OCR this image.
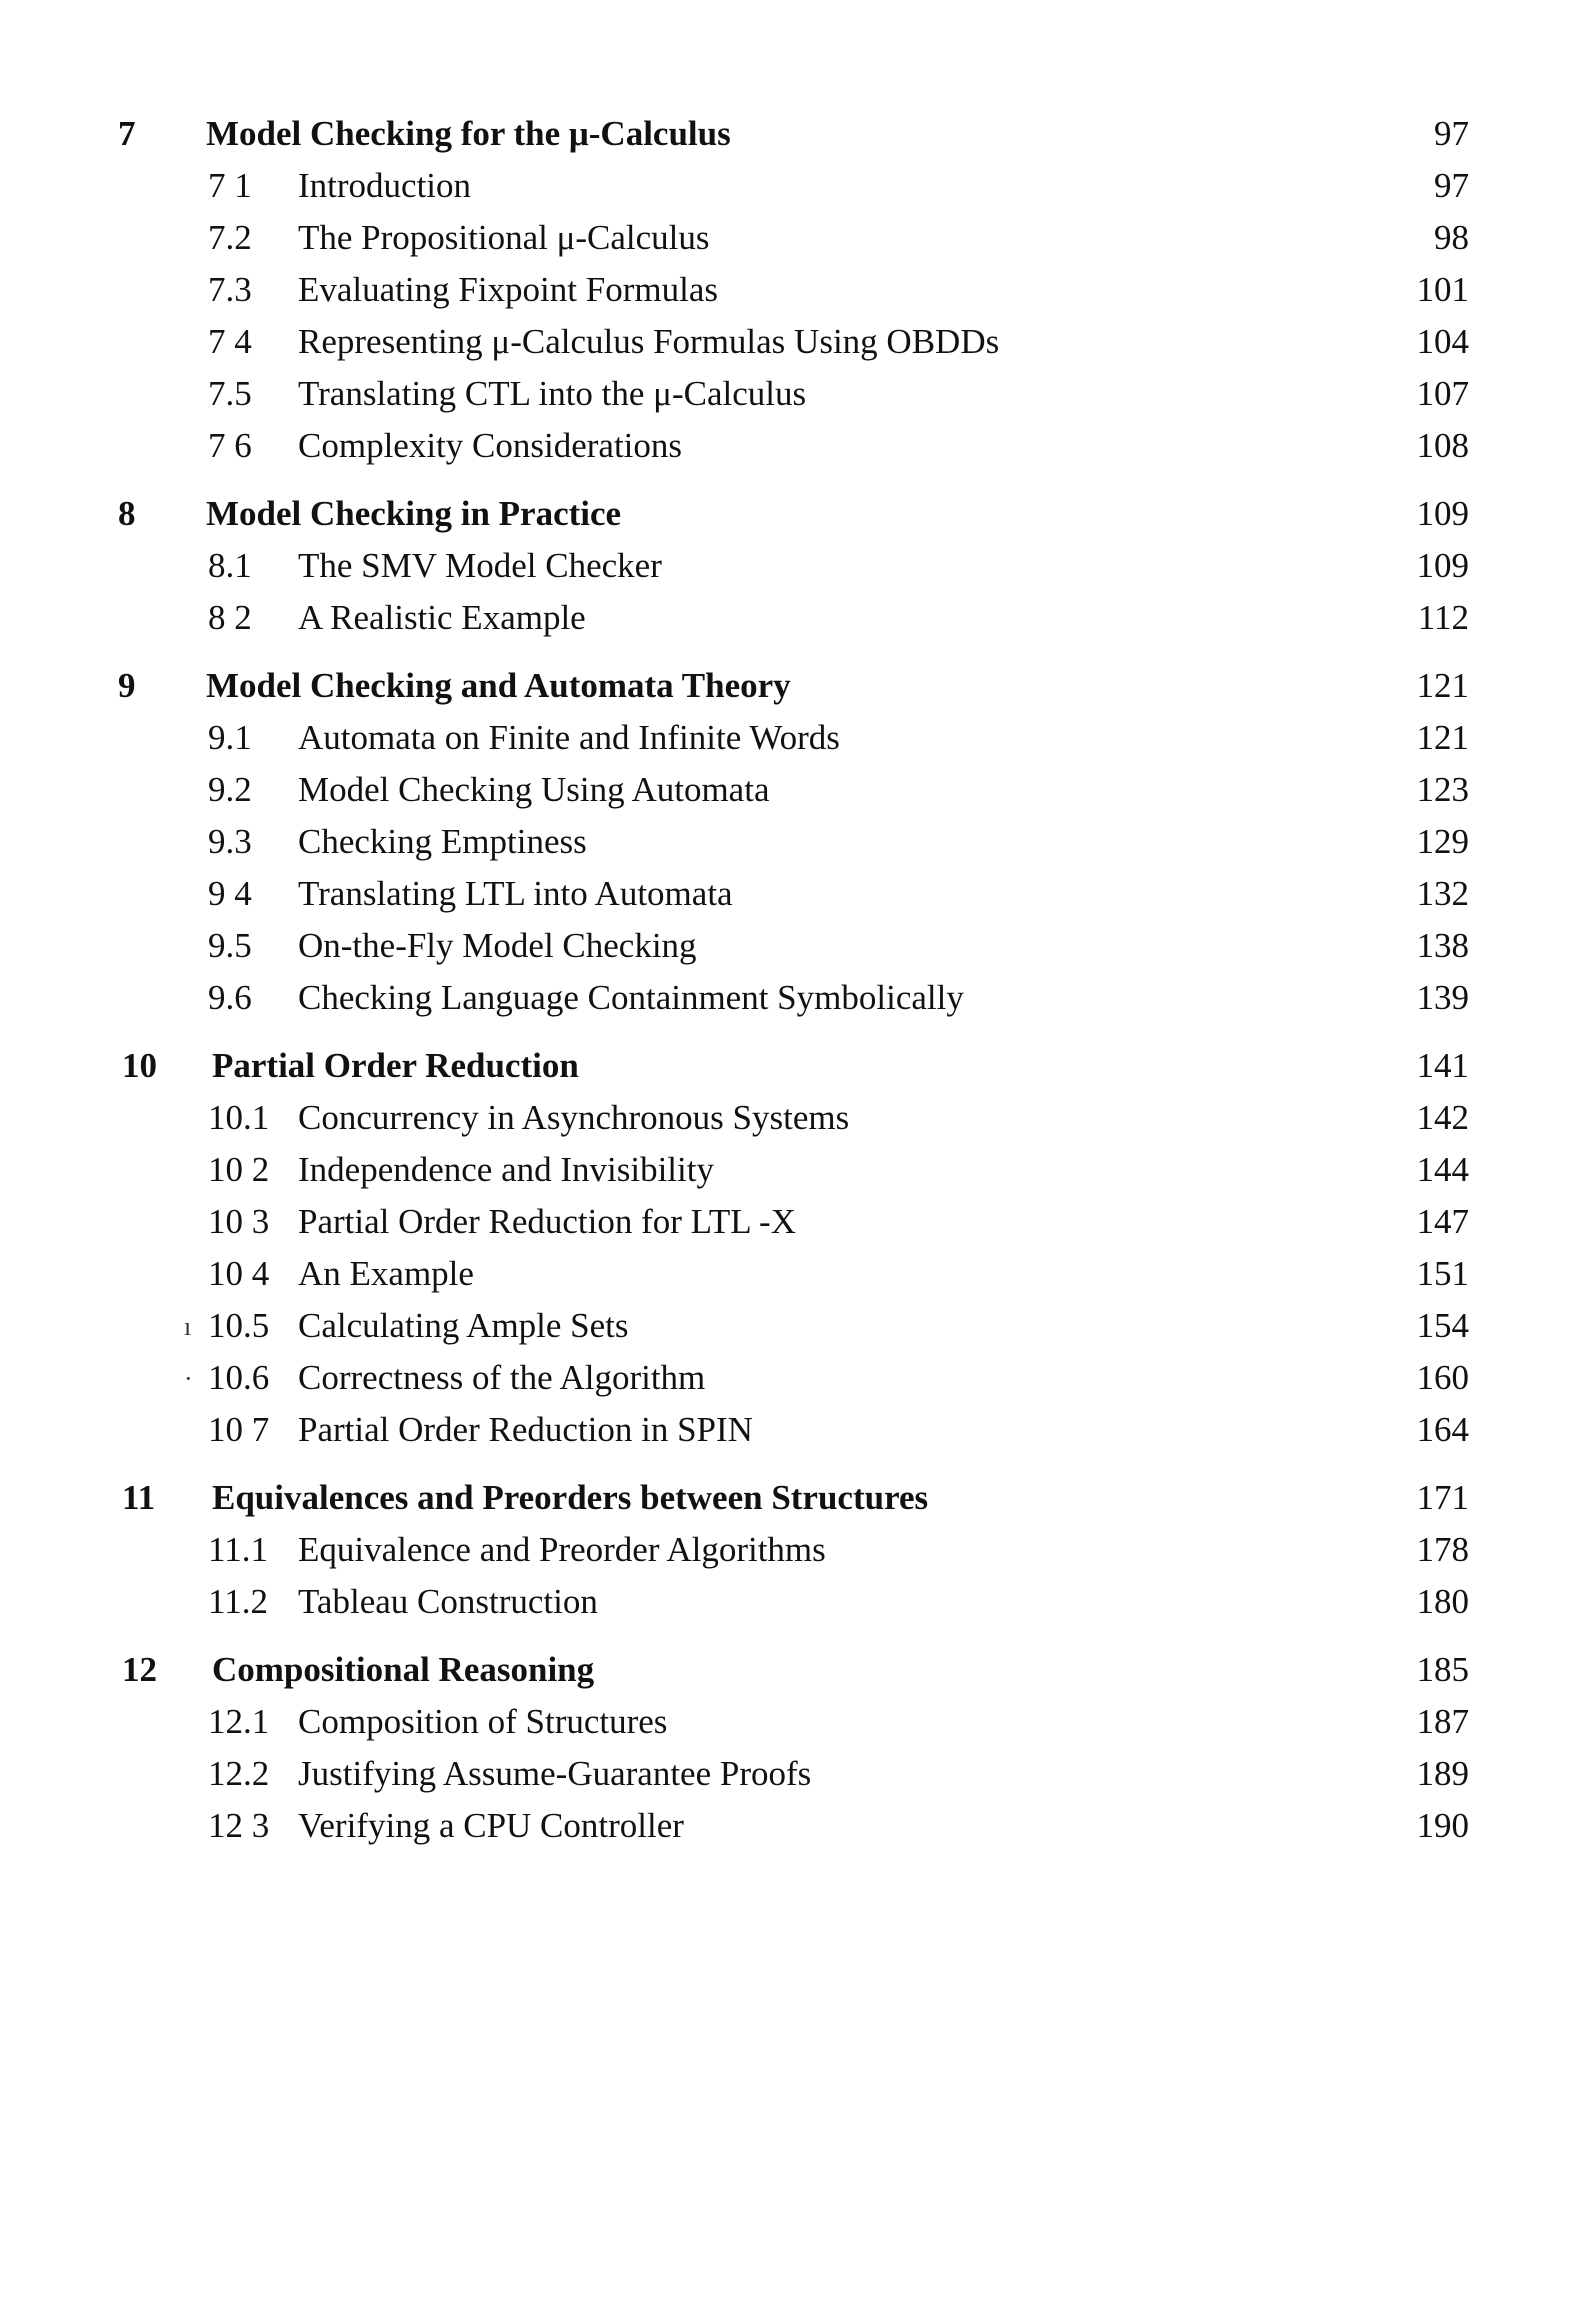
7 Model Checking for the μ-Calculus	97
7 1 Introduction	97
7.2 The Propositional μ-Calculus	98
7.3 Evaluating Fixpoint Formulas	101
7 4 Representing μ-Calculus Formulas Using OBDDs	104
7.5 Translating CTL into the μ-Calculus	107
7 6 Complexity Considerations	108
8 Model Checking in Practice	109
8.1 The SMV Model Checker	109
8 2 A Realistic Example	112
9 Model Checking and Automata Theory	121
9.1 Automata on Finite and Infinite Words	121
9.2 Model Checking Using Automata	123
9.3 Checking Emptiness	129
9 4 Translating LTL into Automata	132
9.5 On-the-Fly Model Checking	138
9.6 Checking Language Containment Symbolically	139
10 Partial Order Reduction	141
10.1 Concurrency in Asynchronous Systems	142
10 2 Independence and Invisibility	144
10 3 Partial Order Reduction for LTL -X	147
10 4 An Example	151
10.5 Calculating Ample Sets	154
10.6 Correctness of the Algorithm	160
10 7 Partial Order Reduction in SPIN	164
11 Equivalences and Preorders between Structures	171
11.1 Equivalence and Preorder Algorithms	178
11.2 Tableau Construction	180
12 Compositional Reasoning	185
12.1 Composition of Structures	187
12.2 Justifying Assume-Guarantee Proofs	189
12 3 Verifying a CPU Controller	190
ı
·
